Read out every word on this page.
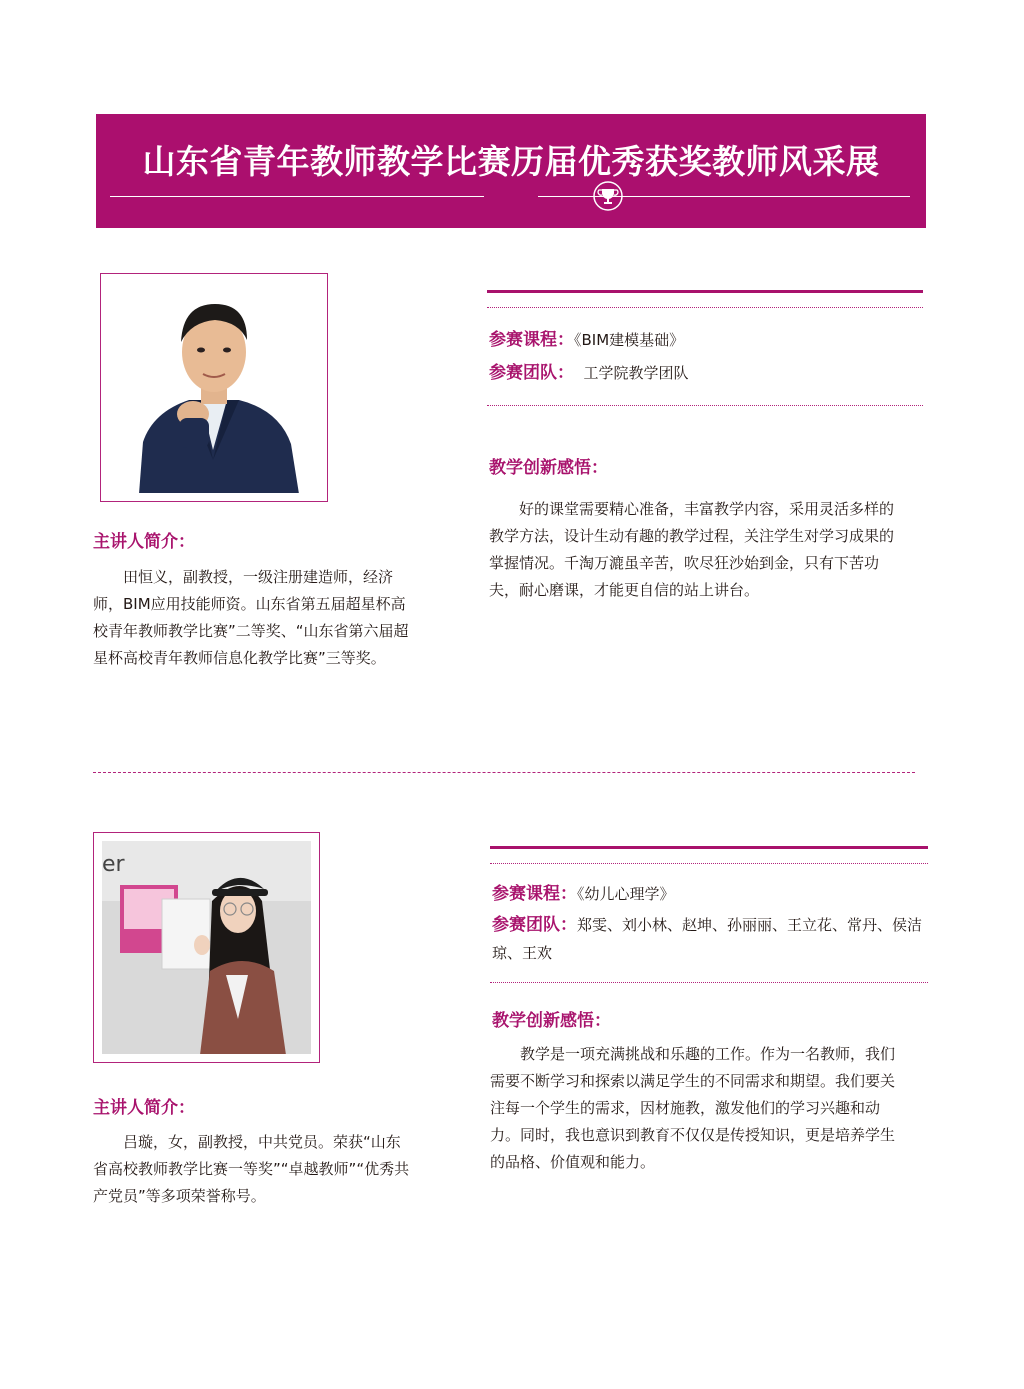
山东省青年教师教学比赛历届优秀获奖教师风采展
主讲人简介：
田恒义，副教授，一级注册建造师，经济师，BIM应用技能师资。山东省第五届超星杯高校青年教师教学比赛”二等奖、“山东省第六届超星杯高校青年教师信息化教学比赛”三等奖。
参赛课程：《BIM建模基础》
参赛团队： 工学院教学团队
教学创新感悟：
好的课堂需要精心准备，丰富教学内容，采用灵活多样的教学方法，设计生动有趣的教学过程，关注学生对学习成果的掌握情况。千淘万漉虽辛苦，吹尽狂沙始到金，只有下苦功夫，耐心磨课，才能更自信的站上讲台。
er
主讲人简介：
吕璇，女，副教授，中共党员。荣获“山东省高校教师教学比赛一等奖”“卓越教师”“优秀共产党员”等多项荣誉称号。
参赛课程：《幼儿心理学》
参赛团队：郑雯、刘小林、赵坤、孙丽丽、王立花、常丹、侯洁琼、王欢
教学创新感悟：
教学是一项充满挑战和乐趣的工作。作为一名教师，我们需要不断学习和探索以满足学生的不同需求和期望。我们要关注每一个学生的需求，因材施教，激发他们的学习兴趣和动力。同时，我也意识到教育不仅仅是传授知识，更是培养学生的品格、价值观和能力。
